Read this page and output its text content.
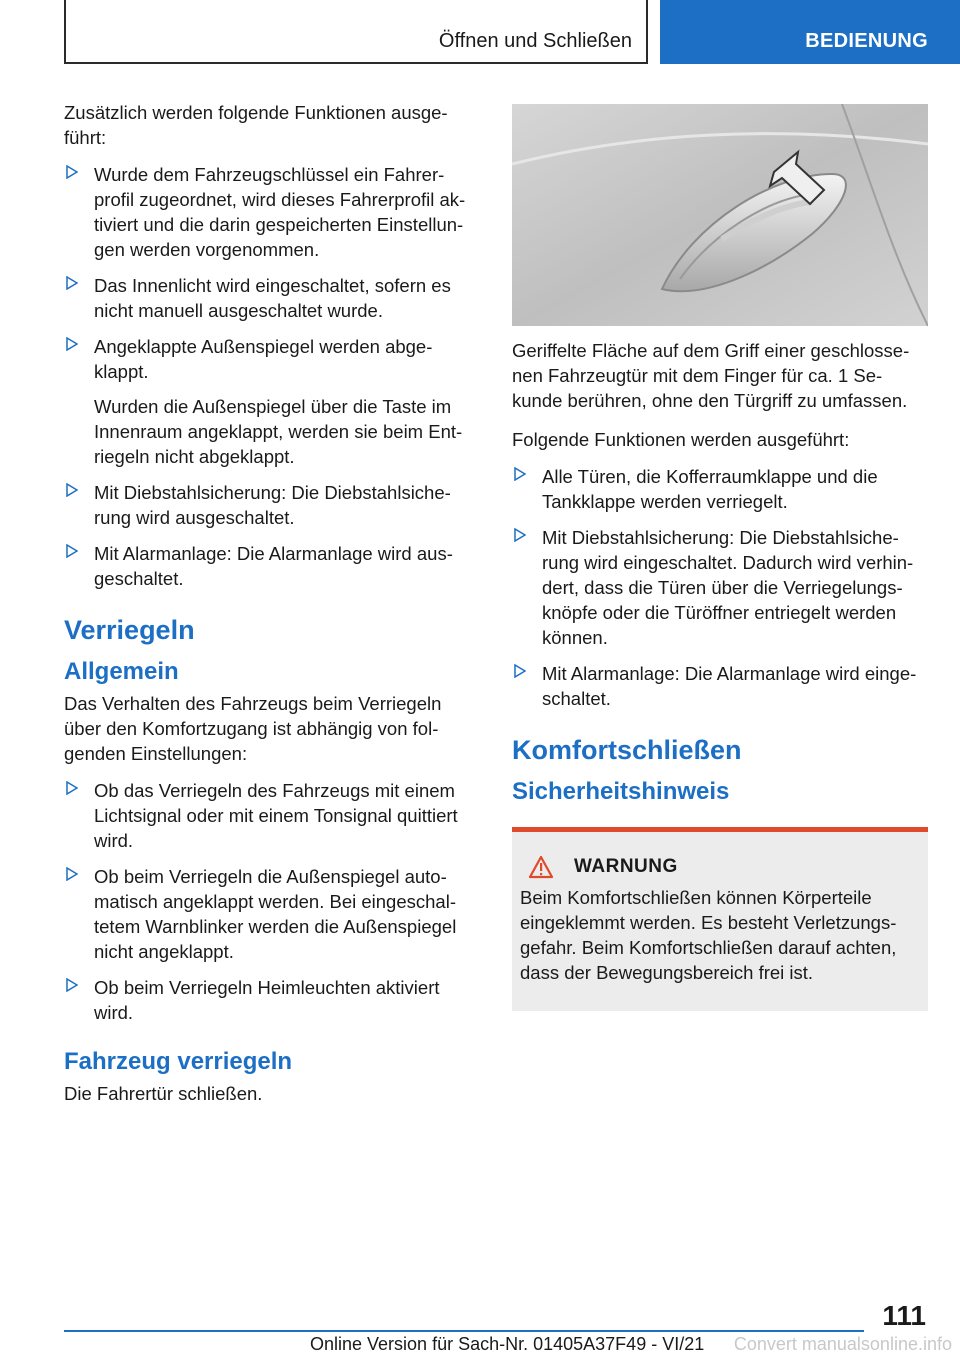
Öffnen und Schließen	BEDIENUNG

Zusätzlich werden folgende Funktionen ausge-führt:

Wurde dem Fahrzeugschlüssel ein Fahrer-profil zugeordnet, wird dieses Fahrerprofil ak-tiviert und die darin gespeicherten Einstellun-gen werden vorgenommen.
Das Innenlicht wird eingeschaltet, sofern es nicht manuell ausgeschaltet wurde.
Angeklappte Außenspiegel werden abge-klappt.

Wurden die Außenspiegel über die Taste im Innenraum angeklappt, werden sie beim Ent-riegeln nicht abgeklappt.

Mit Diebstahlsicherung: Die Diebstahlsiche-rung wird ausgeschaltet.
Mit Alarmanlage: Die Alarmanlage wird aus-geschaltet.
Verriegeln
Allgemein

Das Verhalten des Fahrzeugs beim Verriegeln über den Komfortzugang ist abhängig von fol-genden Einstellungen:

Ob das Verriegeln des Fahrzeugs mit einem Lichtsignal oder mit einem Tonsignal quittiert wird.
Ob beim Verriegeln die Außenspiegel auto-matisch angeklappt werden. Bei eingeschal-tetem Warnblinker werden die Außenspiegel nicht angeklappt.
Ob beim Verriegeln Heimleuchten aktiviert wird.
Fahrzeug verriegeln

Die Fahrertür schließen.

Geriffelte Fläche auf dem Griff einer geschlosse-nen Fahrzeugtür mit dem Finger für ca. 1 Se-kunde berühren, ohne den Türgriff zu umfassen.

Folgende Funktionen werden ausgeführt:

Alle Türen, die Kofferraumklappe und die Tankklappe werden verriegelt.
Mit Diebstahlsicherung: Die Diebstahlsiche-rung wird eingeschaltet. Dadurch wird verhin-dert, dass die Türen über die Verriegelungs-knöpfe oder die Türöffner entriegelt werden können.
Mit Alarmanlage: Die Alarmanlage wird einge-schaltet.
Komfortschließen
Sicherheitshinweis
WARNUNG

Beim Komfortschließen können Körperteile eingeklemmt werden. Es besteht Verletzungs-gefahr. Beim Komfortschließen darauf achten, dass der Bewegungsbereich frei ist.

111
Online Version für Sach-Nr. 01405A37F49 - VI/21 Convert manualsonline.info
